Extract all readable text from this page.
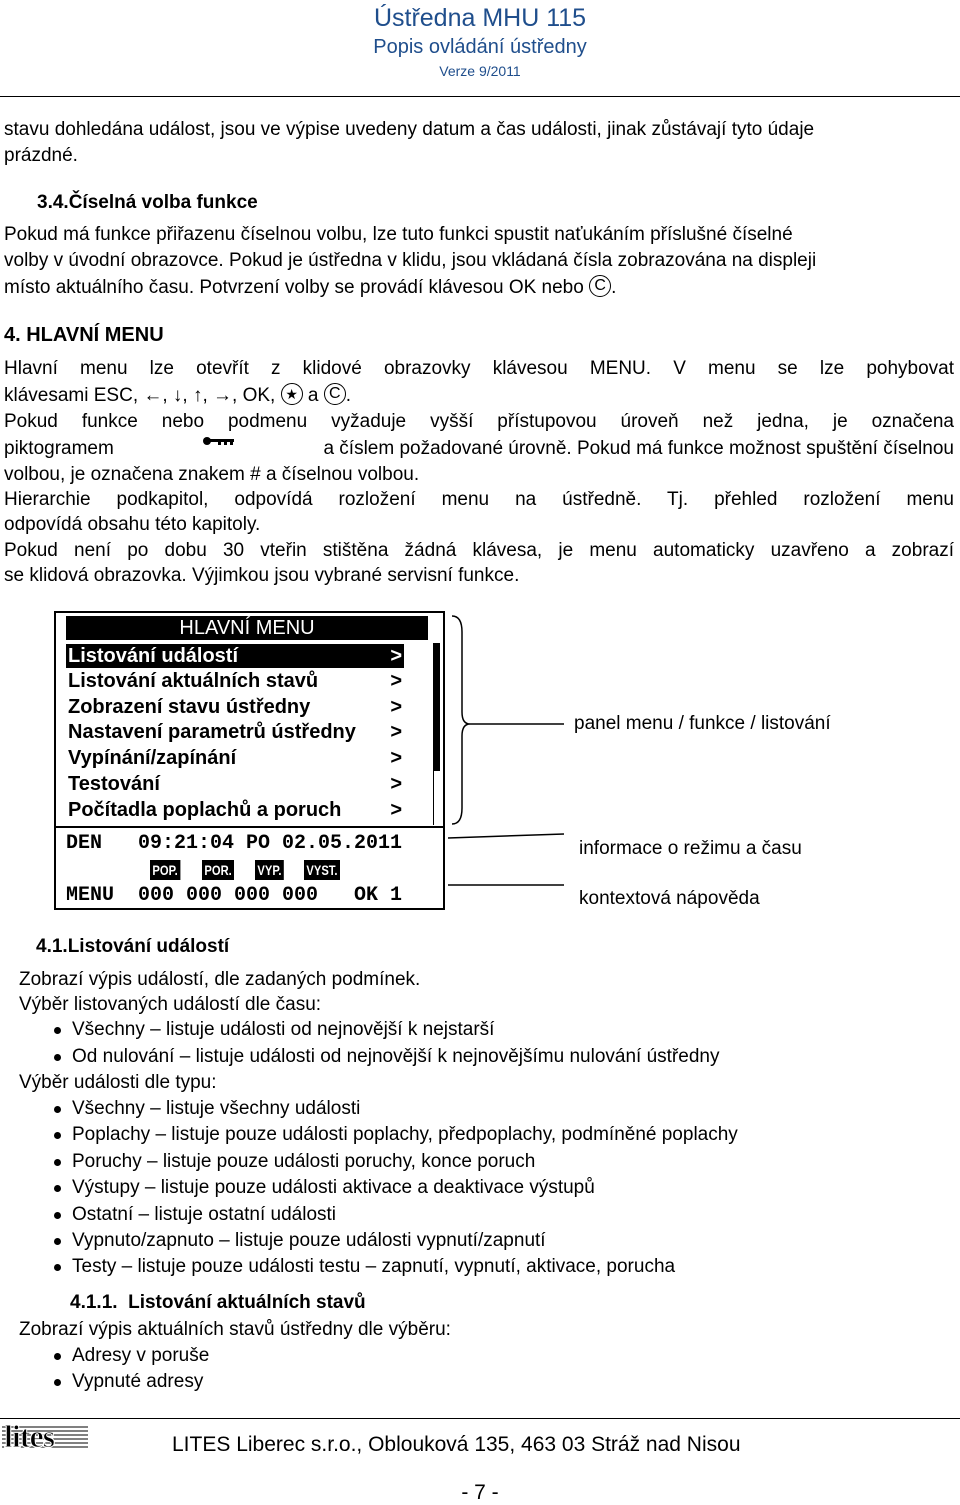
Ústředna MHU 115
Popis ovládání ústředny
Verze 9/2011
stavu dohledána událost, jsou ve výpise uvedeny datum a čas události, jinak zůstávají tyto údaje
prázdné.
3.4.Číselná volba funkce
Pokud má funkce přiřazenu číselnou volbu, lze tuto funkci spustit naťukáním příslušné číselné
volby v úvodní obrazovce. Pokud je ústředna v klidu, jsou vkládaná čísla zobrazována na displeji
místo aktuálního času. Potvrzení volby se provádí klávesou OK nebo C .
4. HLAVNÍ MENU
Hlavní menu lze otevřít z klidové obrazovky klávesou MENU. V menu se lze pohybovat
klávesami ESC, ←, ↓, ↑, →, OK, ★ a C .
Pokud funkce nebo podmenu vyžaduje vyšší přístupovou úroveň než jedna, je označena
piktogramem	a číslem požadované úrovně. Pokud má funkce možnost spuštění číselnou
volbou, je označena znakem # a číselnou volbou.
Hierarchie podkapitol, odpovídá rozložení menu na ústředně. Tj. přehled rozložení menu
odpovídá obsahu této kapitoly.
Pokud není po dobu 30 vteřin stištěna žádná klávesa, je menu automaticky uzavřeno a zobrazí
se klidová obrazovka. Výjimkou jsou vybrané servisní funkce.
HLAVNÍ MENU
Listování událostí	>
Listování aktuálních stavů	>
Zobrazení stavu ústředny	>
Nastavení parametrů ústředny >
Vypínání/zapínání	>
Testování	>
Počítadla poplachů a poruch >
DEN   09:21:04 PO 02.05.2011
POP. POR. VYP. VYST.
MENU  000 000 000 000   OK 1
panel menu / funkce / listování
informace o režimu a času
kontextová nápověda
4.1.Listování událostí
Zobrazí výpis událostí, dle zadaných podmínek.
Výběr listovaných událostí dle času:
Všechny – listuje události od nejnovější k nejstarší
Od nulování – listuje události od nejnovější k nejnovějšímu nulování ústředny
Výběr události dle typu:
Všechny – listuje všechny události
Poplachy – listuje pouze události poplachy, předpoplachy, podmíněné poplachy
Poruchy – listuje pouze události poruchy, konce poruch
Výstupy – listuje pouze události aktivace a deaktivace výstupů
Ostatní – listuje ostatní události
Vypnuto/zapnuto – listuje pouze události vypnutí/zapnutí
Testy – listuje pouze události testu – zapnutí, vypnutí, aktivace, porucha
4.1.1.  Listování aktuálních stavů
Zobrazí výpis aktuálních stavů ústředny dle výběru:
Adresy v poruše
Vypnuté adresy
lites	LITES Liberec s.r.o., Oblouková 135, 463 03 Stráž nad Nisou
- 7 -
